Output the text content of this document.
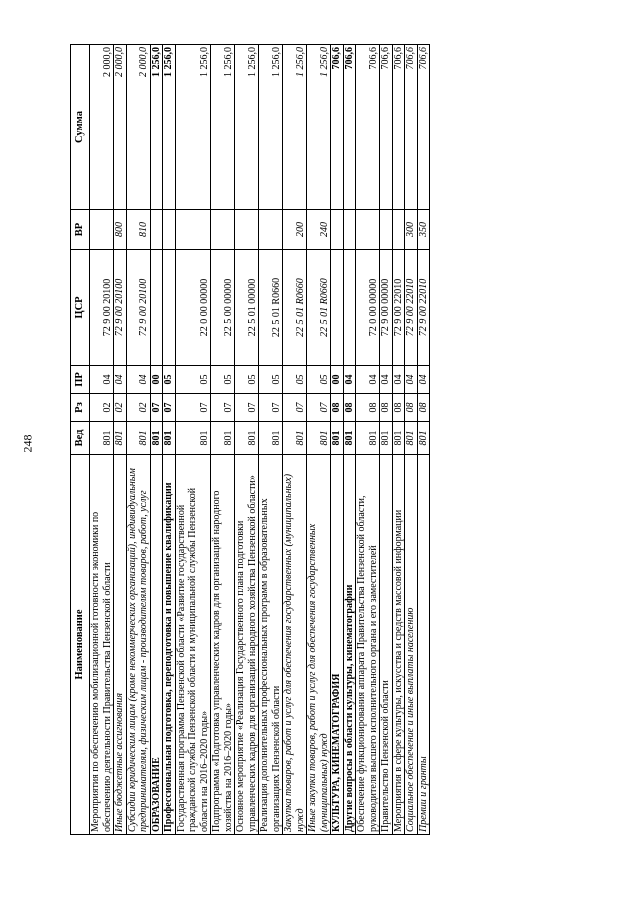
248
Наименование	Вед	Рз	ПР	ЦСР	ВР	Сумма
Мероприятия по обеспечению мобилизационной готовности экономики по обеспечению деятельности Правительства Пензенской области	801	02	04	72 9 00 20100		2 000,0
Иные бюджетные ассигнования	801	02	04	72 9 00 20100	800	2 000,0
Субсидии юридическим лицам (кроме некоммерческих организаций), индивидуальным предпринимателям, физическим лицам - производителям товаров, работ, услуг	801	02	04	72 9 00 20100	810	2 000,0
ОБРАЗОВАНИЕ	801	07	00			1 256,0
Профессиональная подготовка, переподготовка и повышение квалификации	801	07	05			1 256,0
Государственная программа Пензенской области «Развитие государственной гражданской службы Пензенской области и муниципальной службы Пензенской области на 2016–2020 годы»	801	07	05	22 0 00 00000		1 256,0
Подпрограмма «Подготовка управленческих кадров для организаций народного хозяйства на 2016–2020 годы»	801	07	05	22 5 00 00000		1 256,0
Основное мероприятие «Реализация Государственного плана подготовки управленческих кадров для организаций народного хозяйства Пензенской области»	801	07	05	22 5 01 00000		1 256,0
Реализация дополнительных профессиональных программ в образовательных организациях Пензенской области	801	07	05	22 5 01 R0660		1 256,0
Закупка товаров, работ и услуг для обеспечения государственных (муниципальных) нужд	801	07	05	22 5 01 R0660	200	1 256,0
Иные закупки товаров, работ и услуг для обеспечения государственных (муниципальных) нужд	801	07	05	22 5 01 R0660	240	1 256,0
КУЛЬТУРА, КИНЕМАТОГРАФИЯ	801	08	00			706,6
Другие вопросы в области культуры, кинематографии	801	08	04			706,6
Обеспечение функционирования аппарата Правительства Пензенской области, руководителя высшего исполнительного органа и его заместителей	801	08	04	72 0 00 00000		706,6
Правительство Пензенской области	801	08	04	72 9 00 00000		706,6
Мероприятия в сфере культуры, искусства и средств массовой информации	801	08	04	72 9 00 22010		706,6
Социальное обеспечение и иные выплаты населению	801	08	04	72 9 00 22010	300	706,6
Премии и гранты	801	08	04	72 9 00 22010	350	706,6
